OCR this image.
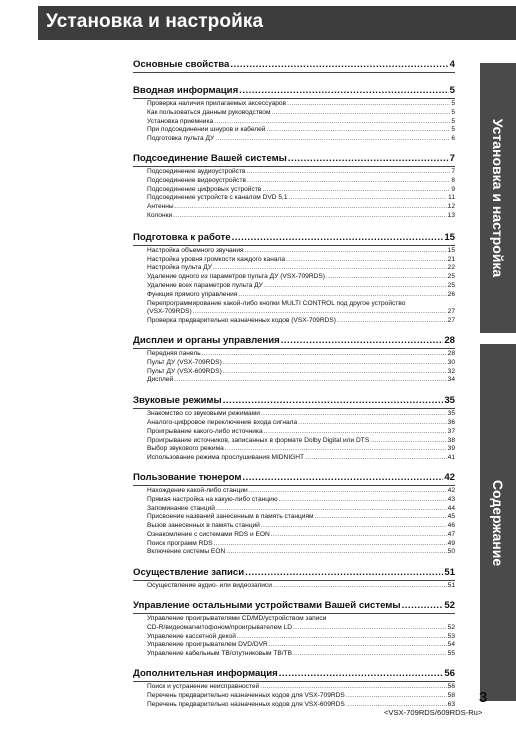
Установка и настройка
Установка и настройка
Содержание
Основные свойства .....	4
Вводная информация .....	5
Проверка наличия прилагаемых аксессуаров .....	5
Как пользоваться данным руководством .....	5
Установка приемника .....	5
При подсоединении шнуров и кабелей .....	5
Подготовка пульта ДУ .....	6
Подсоединение Вашей системы .....	7
Подсоединение аудиоустройств .....	7
Подсоединение видеоустройств .....	8
Подсоединение цифровых устройств .....	9
Подсоединение устройств с каналом DVD 5,1 .....	11
Антенны .....	12
Колонки .....	13
Подготовка к работе .....	15
Настройка объемного звучания .....	15
Настройка уровня громкости каждого канала .....	21
Настройка пульта ДУ .....	22
Удаление одного из параметров пульта ДУ (VSX-709RDS) .....	25
Удаление всех параметров пульта ДУ .....	25
Функция прямого управления .....	26
Перепрограммирование какой-либо кнопки MULTI CONTROL под другое устройство
(VSX-709RDS) .....	27
Проверка предварительно назначенных кодов (VSX-709RDS) .....	27
Дисплеи и органы управления .....	28
Передняя панель .....	28
Пульт ДУ (VSX-709RDS) .....	30
Пульт ДУ (VSX-609RDS) .....	32
Дисплей .....	34
Звуковые режимы .....	35
Знакомство со звуковыми режимами .....	35
Аналого-цифровое переключение входа сигнала .....	36
Проигрывание какого-либо источника .....	37
Проигрывание источников, записанных в формате Dolby Digital или DTS .....	38
Выбор звукового режима .....	39
Использование режима прослушивания MIDNIGHT .....	41
Пользование тюнером .....	42
Нахождение какой-либо станции .....	42
Прямая настройка на какую-либо станцию .....	43
Запоминание станций .....	44
Присвоение названий занесенным в память станциям .....	45
Вызов занесенных в память станций .....	46
Ознакомление с системами RDS и EON .....	47
Поиск программ RDS .....	49
Включение системы EON .....	50
Осуществление записи .....	51
Осуществление аудио- или видеозаписи .....	51
Управление остальными устройствами Вашей системы .....	52
Управление проигрывателями CD/MD/устройством записи
CD-R/видеомагнитофоном/проигрывателем LD .....	52
Управление кассетной декой .....	53
Управление проигрывателем DVD/DVR .....	54
Управление кабельным ТВ/спутниковым ТВ/ТВ .....	55
Дополнительная информация .....	56
Поиск и устранение неисправностей .....	56
Перечень предварительно назначенных кодов для VSX-709RDS .....	58
Перечень предварительно назначенных кодов для VSX-609RDS .....	63 3
<VSX-709RDS/609RDS-Ru>
